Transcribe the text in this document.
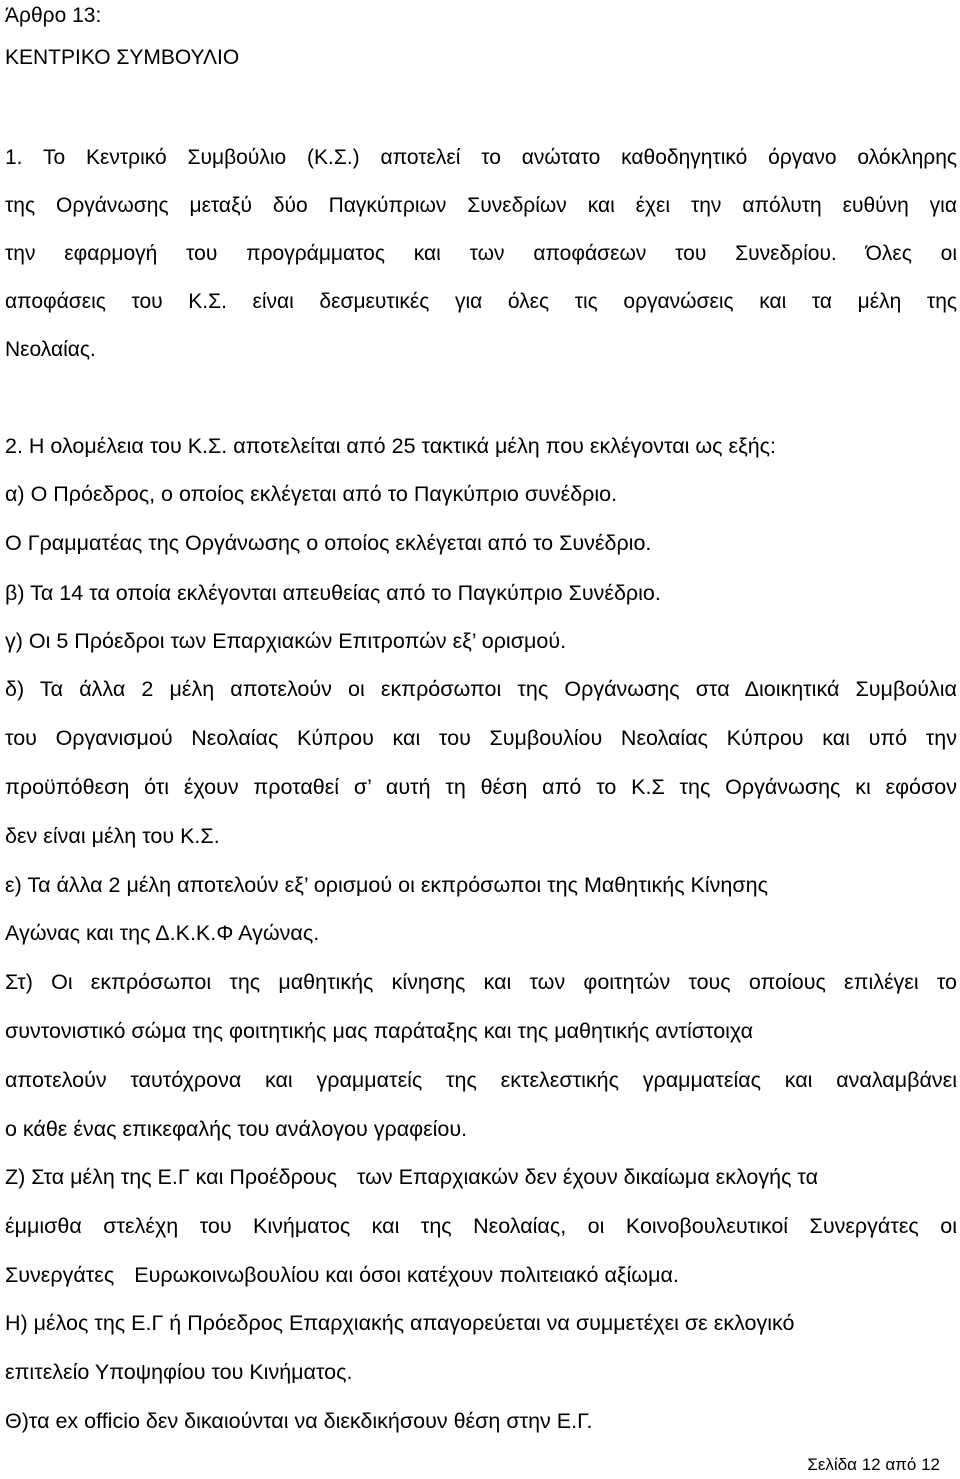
Άρθρο 13:
ΚΕΝΤΡΙΚΟ ΣΥΜΒΟΥΛΙΟ
1. Το Κεντρικό Συμβούλιο (Κ.Σ.) αποτελεί το ανώτατο καθοδηγητικό όργανο ολόκληρης
της Οργάνωσης μεταξύ δύο Παγκύπριων Συνεδρίων και έχει την απόλυτη ευθύνη για
την εφαρμογή του προγράμματος και των αποφάσεων του Συνεδρίου. Όλες οι
αποφάσεις του Κ.Σ. είναι δεσμευτικές για όλες τις οργανώσεις και τα μέλη της
Νεολαίας.
2. Η ολομέλεια του Κ.Σ. αποτελείται από 25 τακτικά μέλη που εκλέγονται ως εξής:
α) Ο Πρόεδρος, ο οποίος εκλέγεται από το Παγκύπριο συνέδριο.
Ο Γραμματέας της Οργάνωσης ο οποίος εκλέγεται από το Συνέδριο.
β) Τα 14 τα οποία εκλέγονται απευθείας από το Παγκύπριο Συνέδριο.
γ) Οι 5 Πρόεδροι των Επαρχιακών Επιτροπών εξ’ ορισμού.
δ) Τα άλλα 2 μέλη αποτελούν οι εκπρόσωποι της Οργάνωσης στα Διοικητικά Συμβούλια
του Οργανισμού Νεολαίας Κύπρου και του Συμβουλίου Νεολαίας Κύπρου και υπό την
προϋπόθεση ότι έχουν προταθεί σ’ αυτή τη θέση από το Κ.Σ της Οργάνωσης κι εφόσον
δεν είναι μέλη του Κ.Σ.
ε) Τα άλλα 2 μέλη αποτελούν εξ’ ορισμού οι εκπρόσωποι της Μαθητικής Κίνησης
Αγώνας και της Δ.Κ.Κ.Φ Αγώνας.
Στ) Οι εκπρόσωποι της μαθητικής κίνησης και των φοιτητών τους οποίους επιλέγει το
συντονιστικό σώμα της φοιτητικής μας παράταξης και της μαθητικής αντίστοιχα
αποτελούν ταυτόχρονα και γραμματείς της εκτελεστικής γραμματείας και αναλαμβάνει
ο κάθε ένας επικεφαλής του ανάλογου γραφείου.
Ζ) Στα μέλη της Ε.Γ και Προέδρους των Επαρχιακών δεν έχουν δικαίωμα εκλογής τα
έμμισθα στελέχη του Κινήματος και της Νεολαίας, οι Κοινοβουλευτικοί Συνεργάτες οι
Συνεργάτες Ευρωκοινωβουλίου και όσοι κατέχουν πολιτειακό αξίωμα.
Η) μέλος της Ε.Γ ή Πρόεδρος Επαρχιακής απαγορεύεται να συμμετέχει σε εκλογικό
επιτελείο Υποψηφίου του Κινήματος.
Θ)τα ex officio δεν δικαιούνται να διεκδικήσουν θέση στην Ε.Γ.
Σελίδα 12 από 12
